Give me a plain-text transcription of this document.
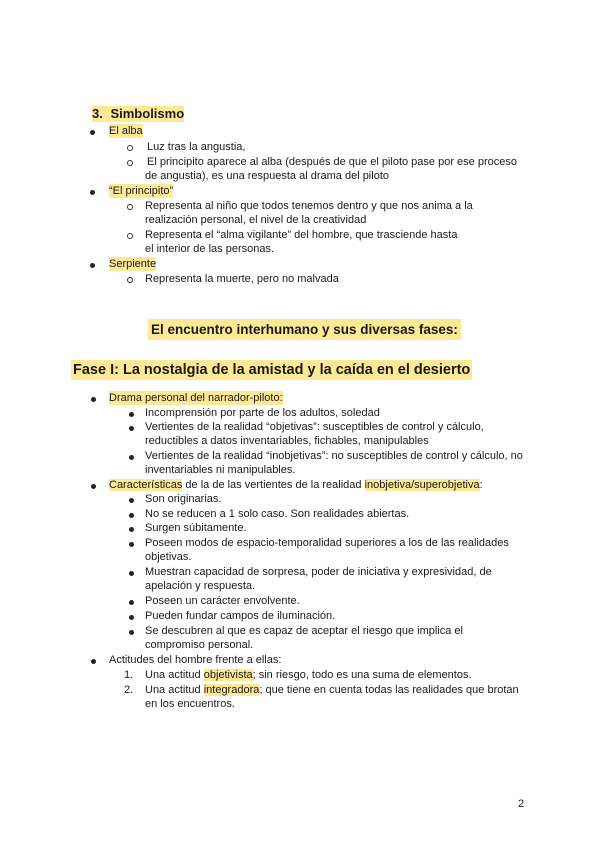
3. Simbolismo
El alba
Luz tras la angustia,
El principito aparece al alba (después de que el piloto pase por ese proceso
de angustia), es una respuesta al drama del piloto
“El principito”
Representa al niño que todos tenemos dentro y que nos anima a la
realización personal, el nivel de la creatividad
Representa el “alma vigilante” del hombre, que trasciende hasta
el interior de las personas.
Serpiente
Representa la muerte, pero no malvada
El encuentro interhumano y sus diversas fases:
Fase I: La nostalgia de la amistad y la caída en el desierto
Drama personal del narrador-piloto:
Incomprensión por parte de los adultos, soledad
Vertientes de la realidad “objetivas”: susceptibles de control y cálculo,
reductibles a datos inventariables, fichables, manipulables
Vertientes de la realidad “inobjetivas”: no susceptibles de control y cálculo, no
inventariables ni manipulables.
Características de la de las vertientes de la realidad inobjetiva/superobjetiva:
Son originarias.
No se reducen a 1 solo caso. Son realidades abiertas.
Surgen súbitamente.
Poseen modos de espacio-temporalidad superiores a los de las realidades
objetivas.
Muestran capacidad de sorpresa, poder de iniciativa y expresividad, de
apelación y respuesta.
Poseen un carácter envolvente.
Pueden fundar campos de iluminación.
Se descubren al que es capaz de aceptar el riesgo que implica el
compromiso personal.
Actitudes del hombre frente a ellas:
1. Una actitud objetivista; sin riesgo, todo es una suma de elementos.
2. Una actitud integradora; que tiene en cuenta todas las realidades que brotan
en los encuentros.
2
